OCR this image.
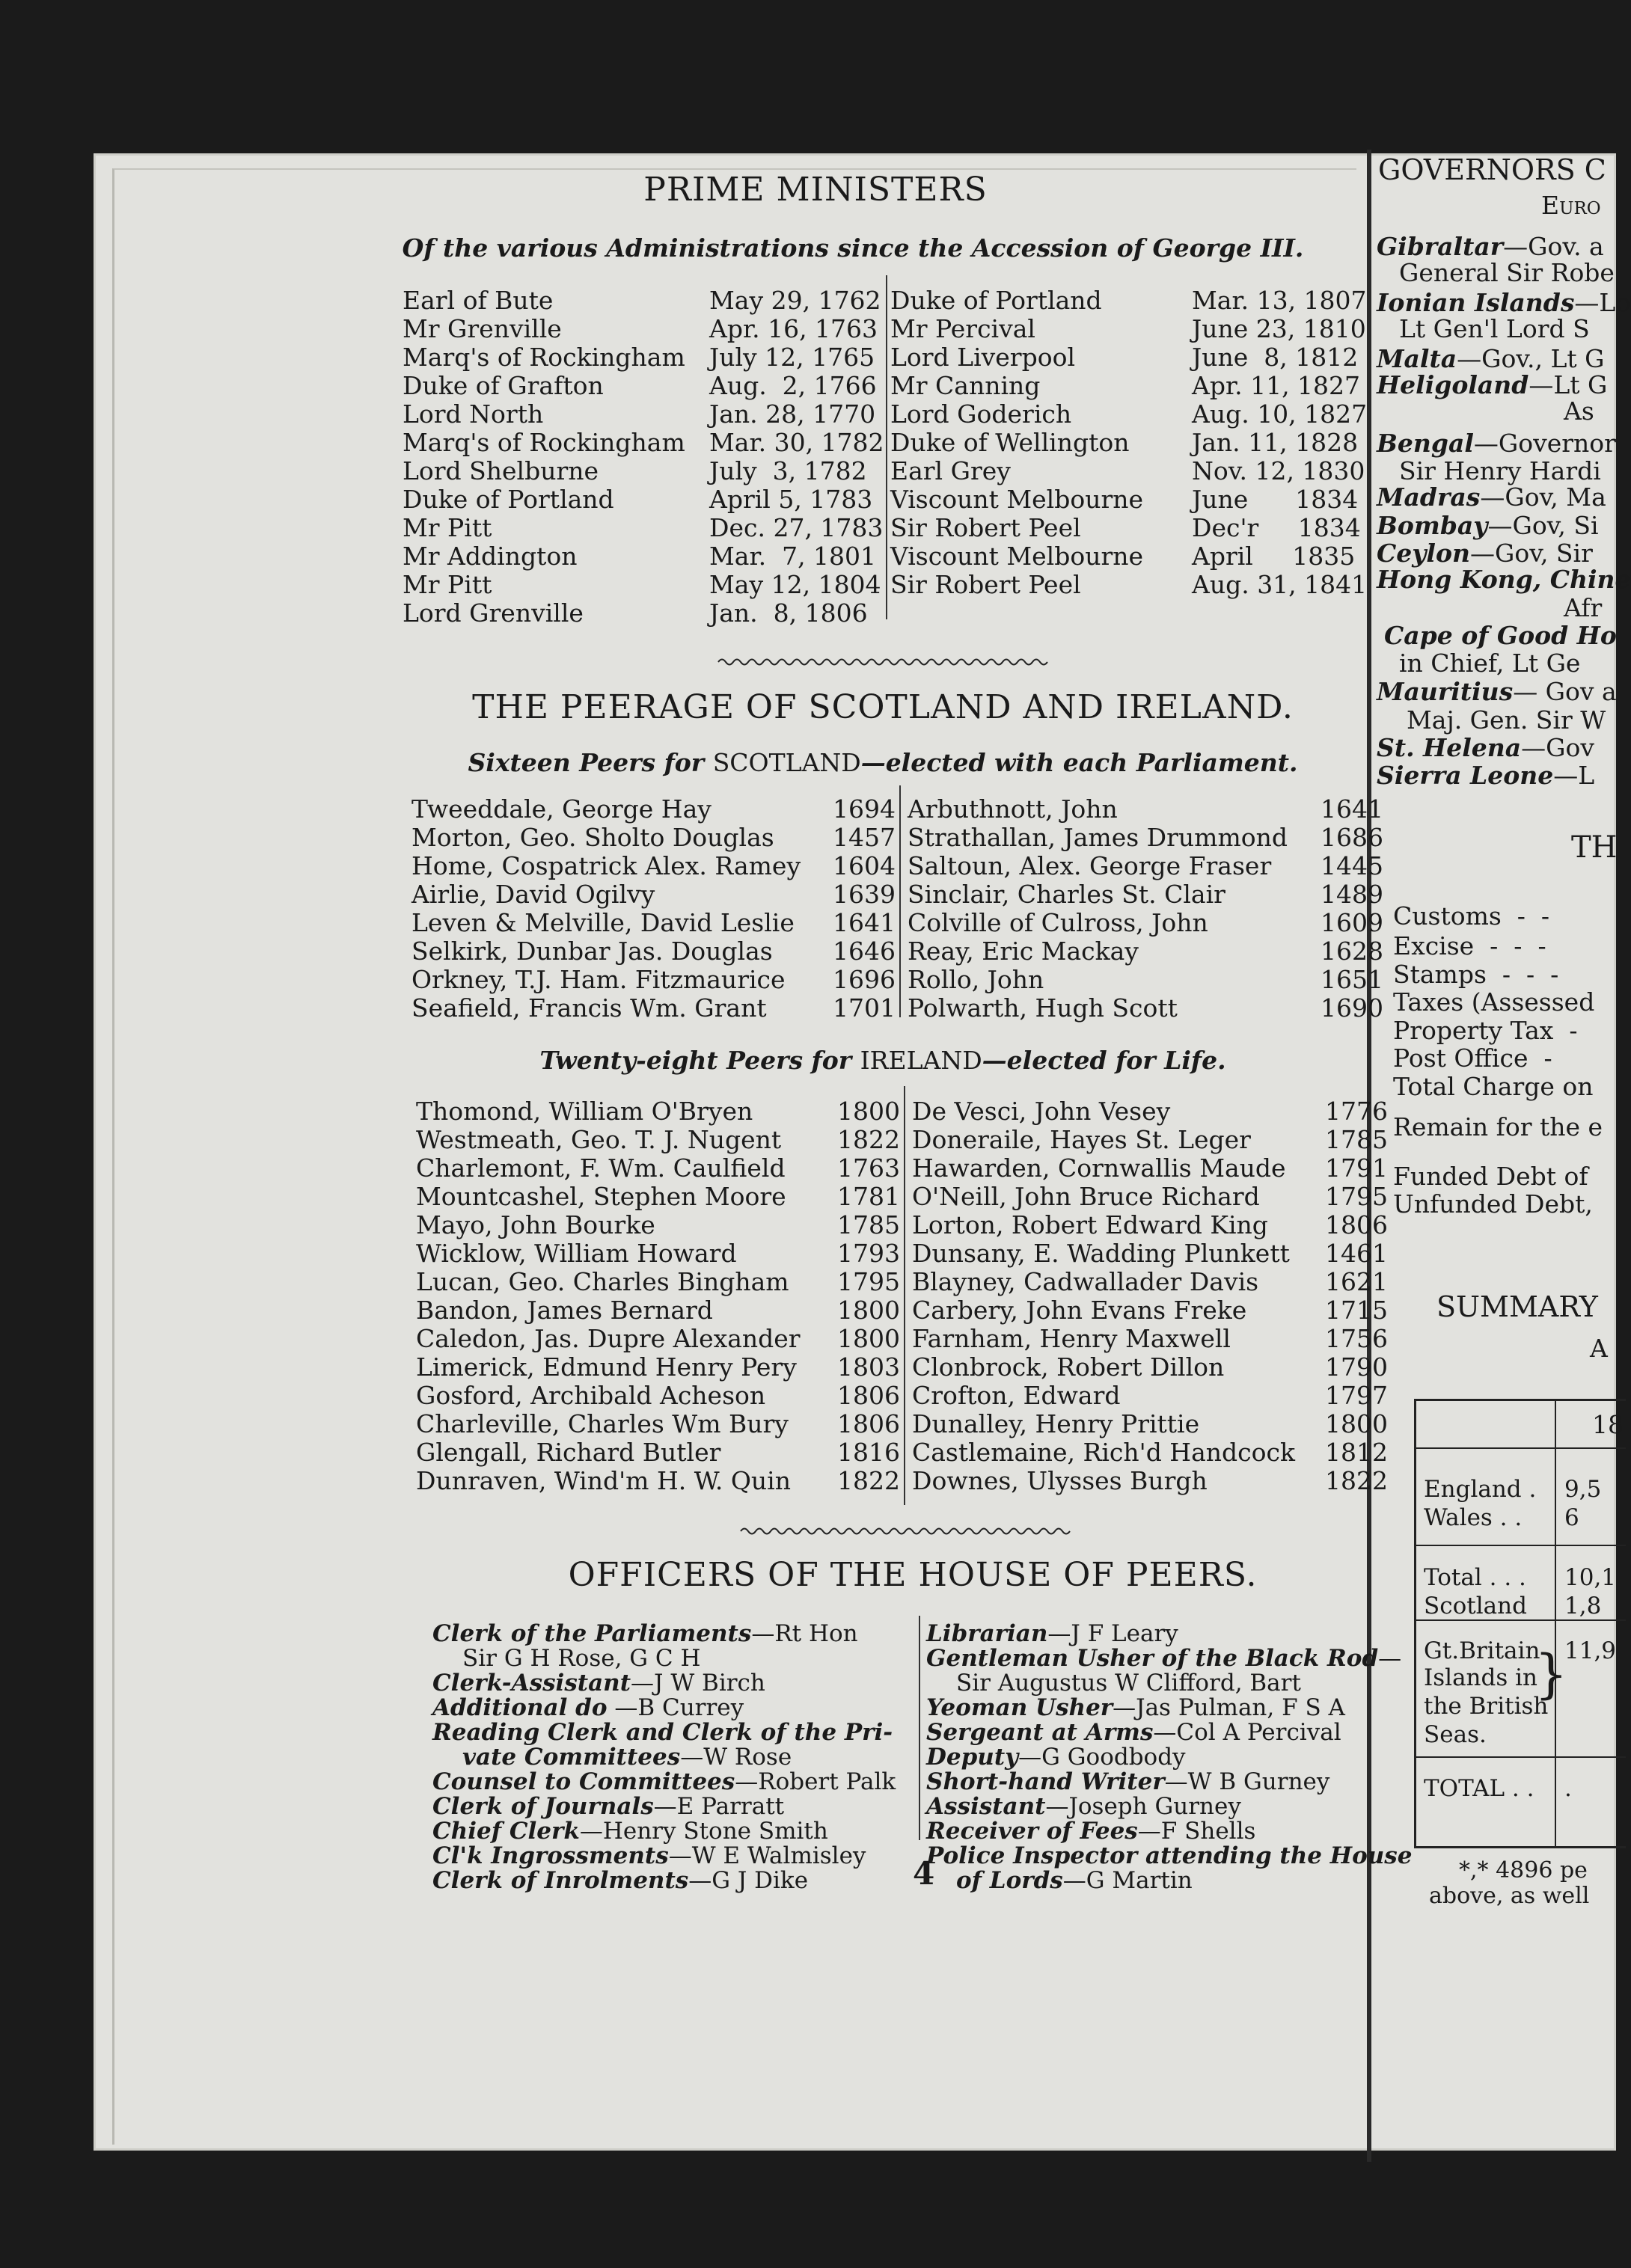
PRIME MINISTERS
Of the various Administrations since the Accession of George III.
Earl of Bute	May 29, 1762 Duke of Portland	Mar. 13, 1807
Mr Grenville	Apr. 16, 1763 Mr Percival	June 23, 1810
Marq's of Rockingham July 12, 1765 Lord Liverpool	June  8, 1812
Duke of Grafton	Aug.  2, 1766 Mr Canning	Apr. 11, 1827
Lord North	Jan. 28, 1770 Lord Goderich	Aug. 10, 1827
Marq's of Rockingham Mar. 30, 1782 Duke of Wellington	Jan. 11, 1828
Lord Shelburne	July  3, 1782 Earl Grey	Nov. 12, 1830
Duke of Portland	April 5, 1783 Viscount Melbourne June      1834
Mr Pitt	Dec. 27, 1783 Sir Robert Peel	Dec'r     1834
Mr Addington	Mar.  7, 1801 Viscount Melbourne April     1835
Mr Pitt	May 12, 1804 Sir Robert Peel	Aug. 31, 1841
Lord Grenville	Jan.  8, 1806
THE PEERAGE OF SCOTLAND AND IRELAND.
Sixteen Peers for SCOTLAND—elected with each Parliament.
Tweeddale, George Hay	1694 Arbuthnott, John	1641
Morton, Geo. Sholto Douglas 1457 Strathallan, James Drummond 1686
Home, Cospatrick Alex. Ramey 1604 Saltoun, Alex. George Fraser 1445
Airlie, David Ogilvy	1639 Sinclair, Charles St. Clair	1489
Leven & Melville, David Leslie 1641 Colville of Culross, John	1609
Selkirk, Dunbar Jas. Douglas 1646 Reay, Eric Mackay	1628
Orkney, T.J. Ham. Fitzmaurice 1696 Rollo, John	1651
Seafield, Francis Wm. Grant	1701 Polwarth, Hugh Scott	1690
Twenty-eight Peers for IRELAND—elected for Life.
Thomond, William O'Bryen	1800 De Vesci, John Vesey	1776
Westmeath, Geo. T. J. Nugent 1822 Doneraile, Hayes St. Leger	1785
Charlemont, F. Wm. Caulfield 1763 Hawarden, Cornwallis Maude 1791
Mountcashel, Stephen Moore 1781 O'Neill, John Bruce Richard	1795
Mayo, John Bourke	1785 Lorton, Robert Edward King 1806
Wicklow, William Howard	1793 Dunsany, E. Wadding Plunkett 1461
Lucan, Geo. Charles Bingham 1795 Blayney, Cadwallader Davis	1621
Bandon, James Bernard	1800 Carbery, John Evans Freke	1715
Caledon, Jas. Dupre Alexander 1800 Farnham, Henry Maxwell	1756
Limerick, Edmund Henry Pery 1803 Clonbrock, Robert Dillon	1790
Gosford, Archibald Acheson	1806 Crofton, Edward	1797
Charleville, Charles Wm Bury 1806 Dunalley, Henry Prittie	1800
Glengall, Richard Butler	1816 Castlemaine, Rich'd Handcock 1812
Dunraven, Wind'm H. W. Quin 1822 Downes, Ulysses Burgh	1822
OFFICERS OF THE HOUSE OF PEERS.
Clerk of the Parliaments—Rt Hon
Sir G H Rose, G C H
Clerk-Assistant—J W Birch
Additional do —B Currey
Reading Clerk and Clerk of the Pri-
vate Committees—W Rose
Counsel to Committees—Robert Palk
Clerk of Journals—E Parratt
Chief Clerk—Henry Stone Smith
Cl'k Ingrossments—W E Walmisley
Clerk of Inrolments—G J Dike
Librarian—J F Leary
Gentleman Usher of the Black Rod—
Sir Augustus W Clifford, Bart
Yeoman Usher—Jas Pulman, F S A
Sergeant at Arms—Col A Percival
Deputy—G Goodbody
Short-hand Writer—W B Gurney
Assistant—Joseph Gurney
Receiver of Fees—F Shells
Police Inspector attending the House
of Lords—G Martin
4
GOVERNORS C
Euro
Gibraltar—Gov. a
General Sir Robe
Ionian Islands—Lo
Lt Gen'l Lord S
Malta—Gov., Lt G
Heligoland—Lt G
As
Bengal—Governor
Sir Henry Hardi
Madras—Gov, Ma
Bombay—Gov, Si
Ceylon—Gov, Sir
Hong Kong, Chine
Afr
Cape of Good Ho
in Chief, Lt Ge
Mauritius— Gov a
Maj. Gen. Sir W
St. Helena—Gov
Sierra Leone—L
TH
Customs  -  -
Excise  -  -  -
Stamps  -  -  -
Taxes (Assessed
Property Tax  -
Post Office  -
Total Charge on
Remain for the e
Funded Debt of
Unfunded Debt,
SUMMARY
A
*,* 4896 pe
above, as well
18
England . 9,5
Wales . . 6
Total . . . 10,1
Scotland 1,8
Gt.Britain 11,9
Islands in
the British
Seas.
TOTAL . . .
}
